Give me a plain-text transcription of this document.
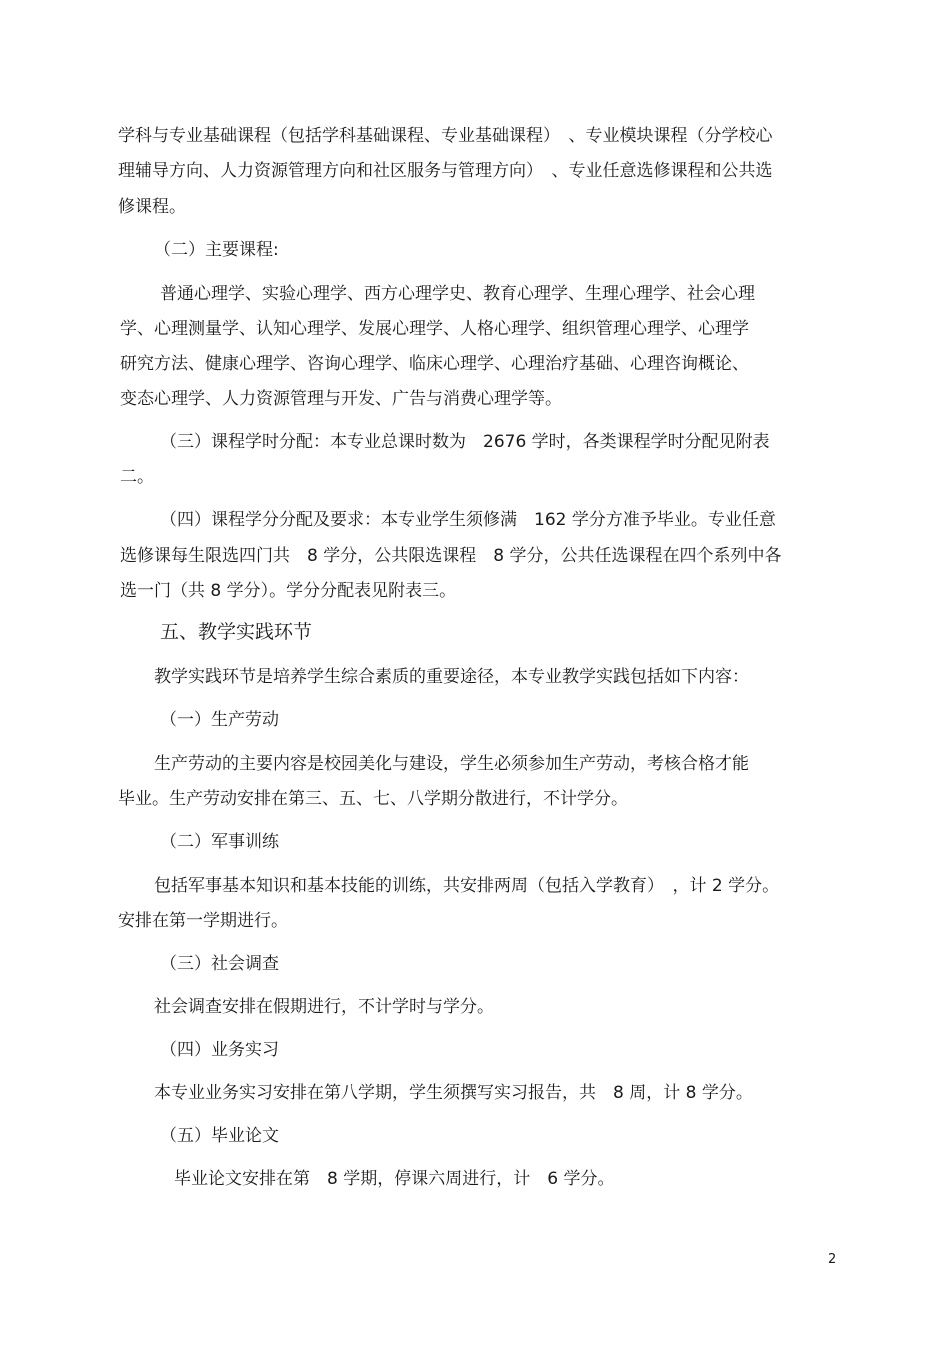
学科与专业基础课程（包括学科基础课程、专业基础课程）　、专业模块课程（分学校心
理辅导方向、人力资源管理方向和社区服务与管理方向）　、专业任意选修课程和公共选
修课程。
（二）主要课程:
普通心理学、实验心理学、西方心理学史、教育心理学、生理心理学、社会心理
学、心理测量学、认知心理学、发展心理学、人格心理学、组织管理心理学、心理学
研究方法、健康心理学、咨询心理学、临床心理学、心理治疗基础、心理咨询概论、
变态心理学、人力资源管理与开发、广告与消费心理学等。
（三）课程学时分配：本专业总课时数为　2676 学时，各类课程学时分配见附表
二。
（四）课程学分分配及要求：本专业学生须修满　162 学分方准予毕业。专业任意
选修课每生限选四门共　8 学分，公共限选课程　8 学分，公共任选课程在四个系列中各
选一门（共 8 学分）。学分分配表见附表三。
五、教学实践环节
教学实践环节是培养学生综合素质的重要途径，本专业教学实践包括如下内容：
（一）生产劳动
生产劳动的主要内容是校园美化与建设，学生必须参加生产劳动，考核合格才能
毕业。生产劳动安排在第三、五、七、八学期分散进行，不计学分。
（二）军事训练
包括军事基本知识和基本技能的训练，共安排两周（包括入学教育）　，计 2 学分。
安排在第一学期进行。
（三）社会调查
社会调查安排在假期进行，不计学时与学分。
（四）业务实习
本专业业务实习安排在第八学期，学生须撰写实习报告，共　8 周，计 8 学分。
（五）毕业论文
毕业论文安排在第　8 学期，停课六周进行，计　6 学分。
2
